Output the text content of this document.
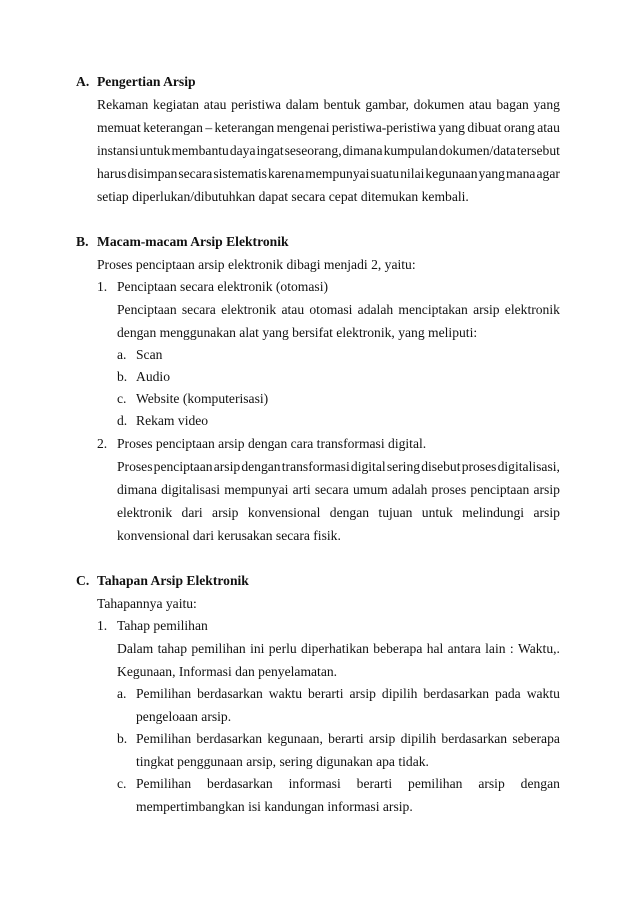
A. Pengertian Arsip
Rekaman kegiatan atau peristiwa dalam bentuk gambar, dokumen atau bagan yang
memuat keterangan – keterangan mengenai peristiwa-peristiwa yang dibuat orang atau
instansi untuk membantu daya ingat seseorang, dimana kumpulan dokumen/data tersebut
harus disimpan secara sistematis karena mempunyai suatu nilai kegunaan yang mana agar
setiap diperlukan/dibutuhkan dapat secara cepat ditemukan kembali.
B. Macam-macam Arsip Elektronik
Proses penciptaan arsip elektronik dibagi menjadi 2, yaitu:
1. Penciptaan secara elektronik (otomasi)
Penciptaan secara elektronik atau otomasi adalah menciptakan arsip elektronik
dengan menggunakan alat yang bersifat elektronik, yang meliputi:
a. Scan
b. Audio
c. Website (komputerisasi)
d. Rekam video
2. Proses penciptaan arsip dengan cara transformasi digital.
Proses penciptaan arsip dengan transformasi digital sering disebut proses digitalisasi,
dimana digitalisasi mempunyai arti secara umum adalah proses penciptaan arsip
elektronik dari arsip konvensional dengan tujuan untuk melindungi arsip
konvensional dari kerusakan secara fisik.
C. Tahapan Arsip Elektronik
Tahapannya yaitu:
1. Tahap pemilihan
Dalam tahap pemilihan ini perlu diperhatikan beberapa hal antara lain : Waktu,.
Kegunaan, Informasi dan penyelamatan.
a. Pemilihan berdasarkan waktu berarti arsip dipilih berdasarkan pada waktu
pengeloaan arsip.
b. Pemilihan berdasarkan kegunaan, berarti arsip dipilih berdasarkan seberapa
tingkat penggunaan arsip, sering digunakan apa tidak.
c. Pemilihan berdasarkan informasi berarti pemilihan arsip dengan
mempertimbangkan isi kandungan informasi arsip.
